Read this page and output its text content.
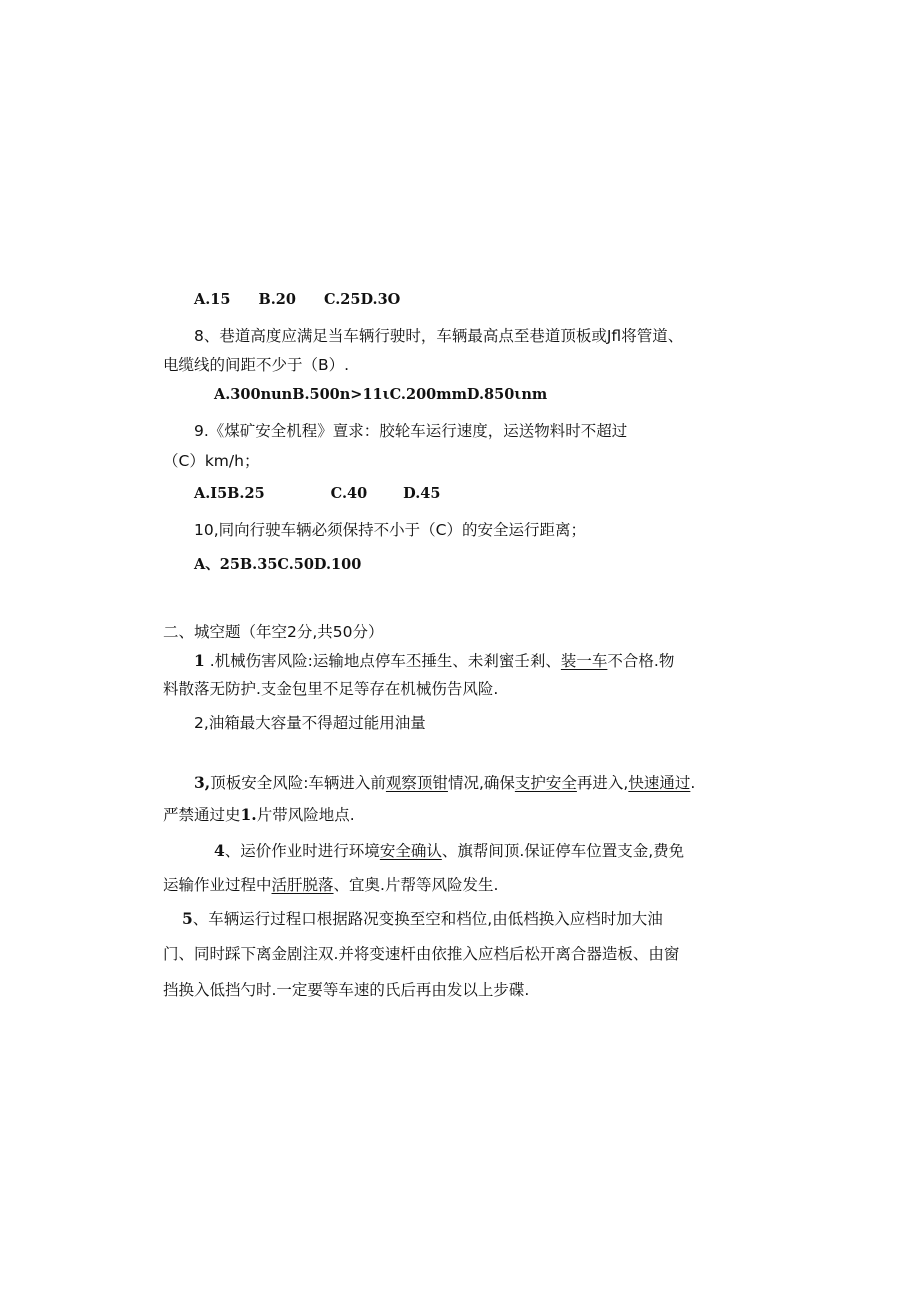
A.15 B.20 C.25D.3O
8、巷道高度应满足当车辆行驶时，车辆最高点至巷道顶板或Jfl将管道、
电缆线的间距不少于（B）.
A.300nunB.500n>11ιC.200mmD.850ιnm
9.《煤矿安全机程》亶求：胶轮车运行速度，运送物料时不超过
（C）km/h；
A.I5B.25	C.40 D.45
10,同向行驶车辆必须保持不小于（C）的安全运行距离；
A、25B.35C.50D.100
二、城空题（年空2分,共50分）
1 .机械伤害风险:运输地点停车丕捶生、未剎蜜壬剎、装一车不合格.物
料散落无防护.支金包里不足等存在机械伤告风险.
2,油箱最大容量不得超过能用油量
3,顶板安全风险:车辆进入前观察顶钳情况,确保支护安全再进入,快速通过.
严禁通过史1.片带风险地点.
4、运价作业时进行环境安全确认、旗帮间顶.保证停车位置支金,费免
运输作业过程中活肝脱落、宜奥.片帮等风险发生.
5、车辆运行过程口根据路况变换至空和档位,由低档换入应档时加大油
门、同时踩下离金剧注双.并将变速杆由依推入应档后松开离合器造板、由窗
挡换入低挡勺时.一定要等车速的氏后再由发以上步碟.
